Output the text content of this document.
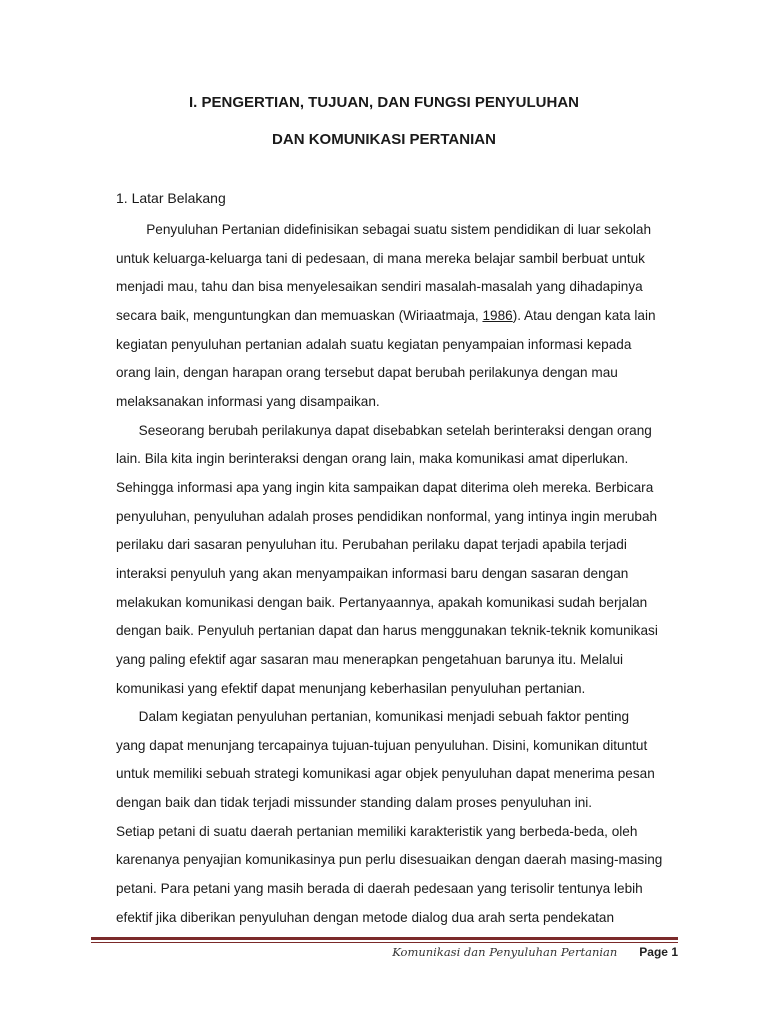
I. PENGERTIAN, TUJUAN, DAN FUNGSI PENYULUHAN
DAN KOMUNIKASI PERTANIAN
1. Latar Belakang
Penyuluhan Pertanian didefinisikan sebagai suatu sistem pendidikan di luar sekolah
untuk keluarga-keluarga tani di pedesaan, di mana mereka belajar sambil berbuat untuk
menjadi mau, tahu dan bisa menyelesaikan sendiri masalah-masalah yang dihadapinya
secara baik, menguntungkan dan memuaskan (Wiriaatmaja, 1986). Atau dengan kata lain
kegiatan penyuluhan pertanian adalah suatu kegiatan penyampaian informasi kepada
orang lain, dengan harapan orang tersebut dapat berubah perilakunya dengan mau
melaksanakan informasi yang disampaikan.
Seseorang berubah perilakunya dapat disebabkan setelah berinteraksi dengan orang
lain. Bila kita ingin berinteraksi dengan orang lain, maka komunikasi amat diperlukan.
Sehingga informasi apa yang ingin kita sampaikan dapat diterima oleh mereka. Berbicara
penyuluhan, penyuluhan adalah proses pendidikan nonformal, yang intinya ingin merubah
perilaku dari sasaran penyuluhan itu. Perubahan perilaku dapat terjadi apabila terjadi
interaksi penyuluh yang akan menyampaikan informasi baru dengan sasaran dengan
melakukan komunikasi dengan baik. Pertanyaannya, apakah komunikasi sudah berjalan
dengan baik. Penyuluh pertanian dapat dan harus menggunakan teknik-teknik komunikasi
yang paling efektif agar sasaran mau menerapkan pengetahuan barunya itu. Melalui
komunikasi yang efektif dapat menunjang keberhasilan penyuluhan pertanian.
Dalam kegiatan penyuluhan pertanian, komunikasi menjadi sebuah faktor penting
yang dapat menunjang tercapainya tujuan-tujuan penyuluhan. Disini, komunikan dituntut
untuk memiliki sebuah strategi komunikasi agar objek penyuluhan dapat menerima pesan
dengan baik dan tidak terjadi missunder standing dalam proses penyuluhan ini.
Setiap petani di suatu daerah pertanian memiliki karakteristik yang berbeda-beda, oleh
karenanya penyajian komunikasinya pun perlu disesuaikan dengan daerah masing-masing
petani. Para petani yang masih berada di daerah pedesaan yang terisolir tentunya lebih
efektif jika diberikan penyuluhan dengan metode dialog dua arah serta pendekatan
Komunikasi dan Penyuluhan Pertanian Page 1
